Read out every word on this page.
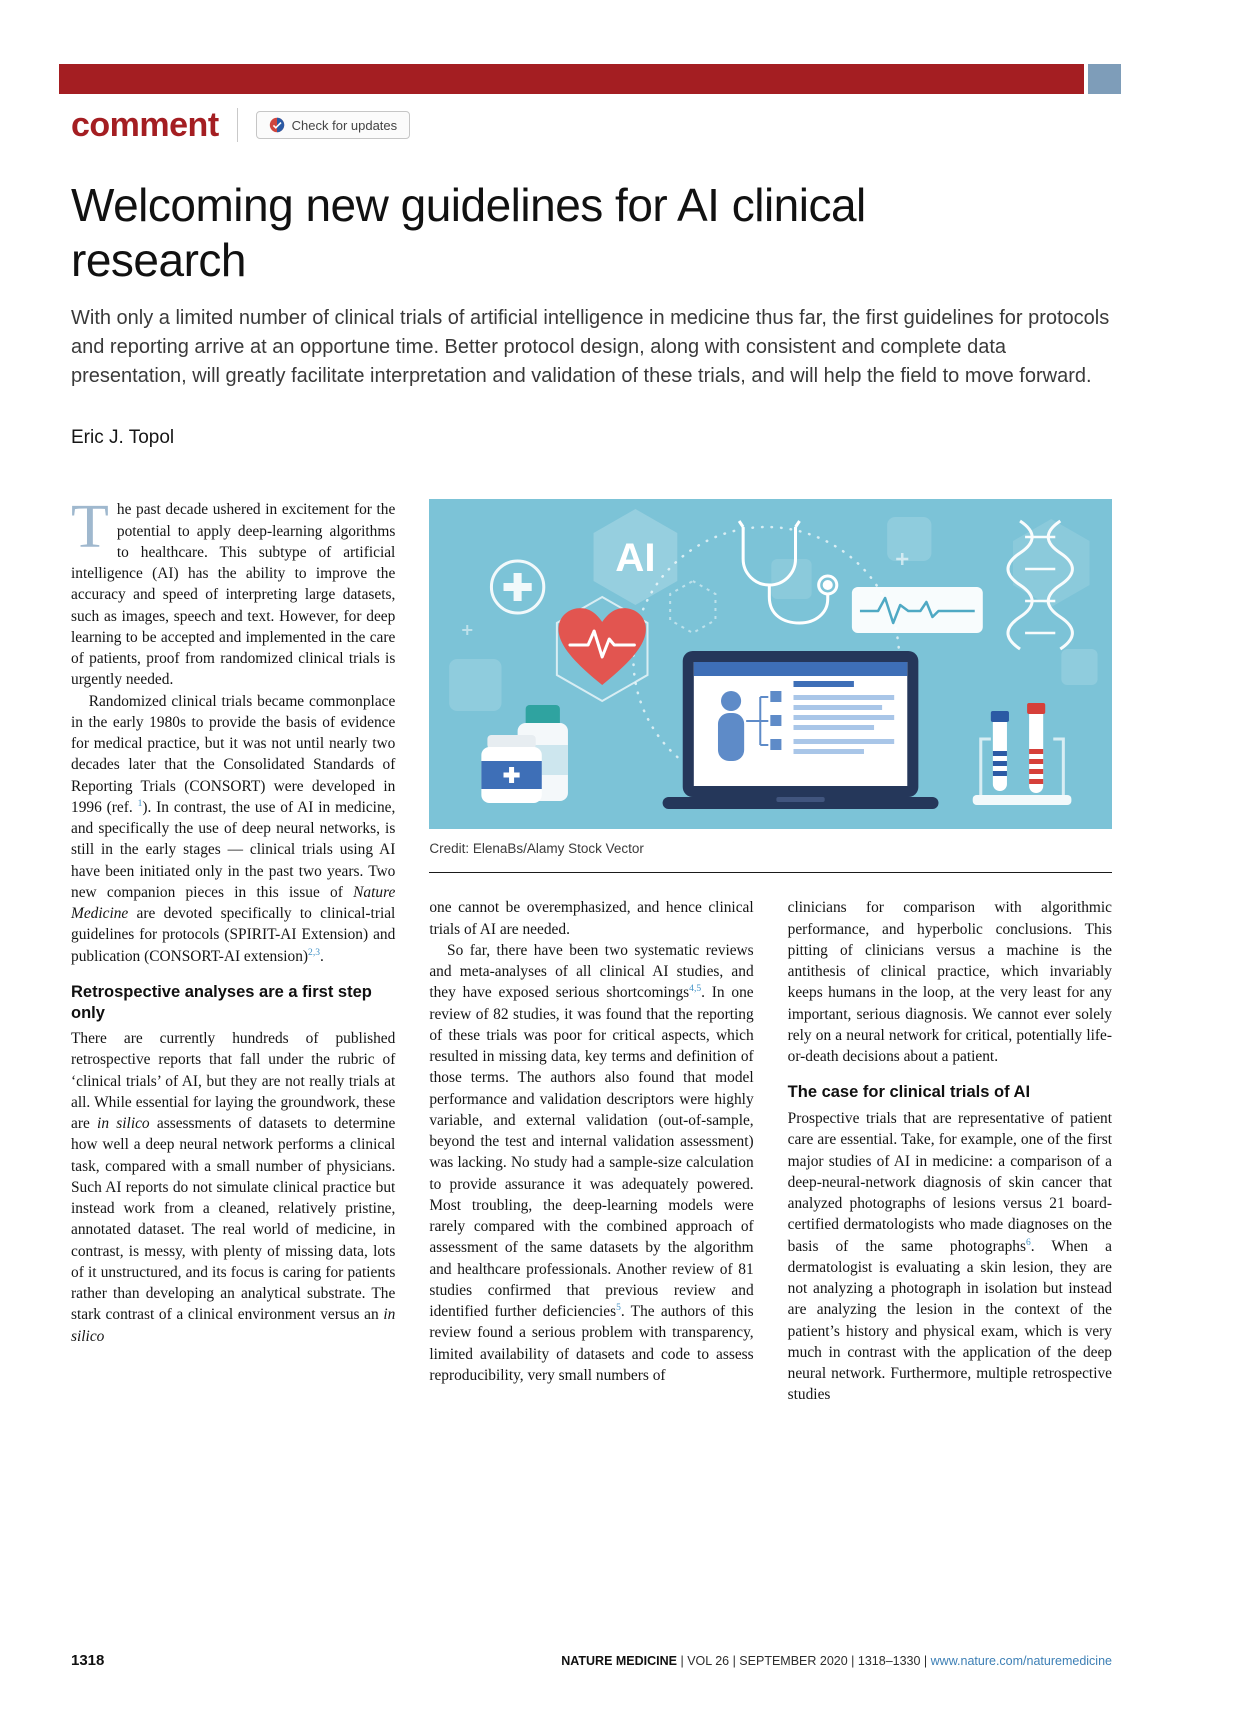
comment	Check for updates
Welcoming new guidelines for AI clinical research

With only a limited number of clinical trials of artificial intelligence in medicine thus far, the first guidelines for protocols and reporting arrive at an opportune time. Better protocol design, along with consistent and complete data presentation, will greatly facilitate interpretation and validation of these trials, and will help the field to move forward.

Eric J. Topol

The past decade ushered in excitement for the potential to apply deep-learning algorithms to healthcare. This subtype of artificial intelligence (AI) has the ability to improve the accuracy and speed of interpreting large datasets, such as images, speech and text. However, for deep learning to be accepted and implemented in the care of patients, proof from randomized clinical trials is urgently needed.

Randomized clinical trials became commonplace in the early 1980s to provide the basis of evidence for medical practice, but it was not until nearly two decades later that the Consolidated Standards of Reporting Trials (CONSORT) were developed in 1996 (ref. $^1$). In contrast, the use of AI in medicine, and specifically the use of deep neural networks, is still in the early stages — clinical trials using AI have been initiated only in the past two years. Two new companion pieces in this issue of Nature Medicine are devoted specifically to clinical-trial guidelines for protocols (SPIRIT-AI Extension) and publication (CONSORT-AI extension)$^{2,3}$.

Retrospective analyses are a first step only

There are currently hundreds of published retrospective reports that fall under the rubric of ‘clinical trials’ of AI, but they are not really trials at all. While essential for laying the groundwork, these are in silico assessments of datasets to determine how well a deep neural network performs a clinical task, compared with a small number of physicians. Such AI reports do not simulate clinical practice but instead work from a cleaned, relatively pristine, annotated dataset. The real world of medicine, in contrast, is messy, with plenty of missing data, lots of it unstructured, and its focus is caring for patients rather than developing an analytical substrate. The stark contrast of a clinical environment versus an in silico

AI
Credit: ElenaBs/Alamy Stock Vector

one cannot be overemphasized, and hence clinical trials of AI are needed.

So far, there have been two systematic reviews and meta-analyses of all clinical AI studies, and they have exposed serious shortcomings$^{4,5}$. In one review of 82 studies, it was found that the reporting of these trials was poor for critical aspects, which resulted in missing data, key terms and definition of those terms. The authors also found that model performance and validation descriptors were highly variable, and external validation (out-of-sample, beyond the test and internal validation assessment) was lacking. No study had a sample-size calculation to provide assurance it was adequately powered. Most troubling, the deep-learning models were rarely compared with the combined approach of assessment of the same datasets by the algorithm and healthcare professionals. Another review of 81 studies confirmed that previous review and identified further deficiencies$^5$. The authors of this review found a serious problem with transparency, limited availability of datasets and code to assess reproducibility, very small numbers of

clinicians for comparison with algorithmic performance, and hyperbolic conclusions. This pitting of clinicians versus a machine is the antithesis of clinical practice, which invariably keeps humans in the loop, at the very least for any important, serious diagnosis. We cannot ever solely rely on a neural network for critical, potentially life-or-death decisions about a patient.

The case for clinical trials of AI

Prospective trials that are representative of patient care are essential. Take, for example, one of the first major studies of AI in medicine: a comparison of a deep-neural-network diagnosis of skin cancer that analyzed photographs of lesions versus 21 board-certified dermatologists who made diagnoses on the basis of the same photographs$^6$. When a dermatologist is evaluating a skin lesion, they are not analyzing a photograph in isolation but instead are analyzing the lesion in the context of the patient’s history and physical exam, which is very much in contrast with the application of the deep neural network. Furthermore, multiple retrospective studies

1318	NATURE MEDICINE | VOL 26 | SEPTEMBER 2020 | 1318–1330 | www.nature.com/naturemedicine
